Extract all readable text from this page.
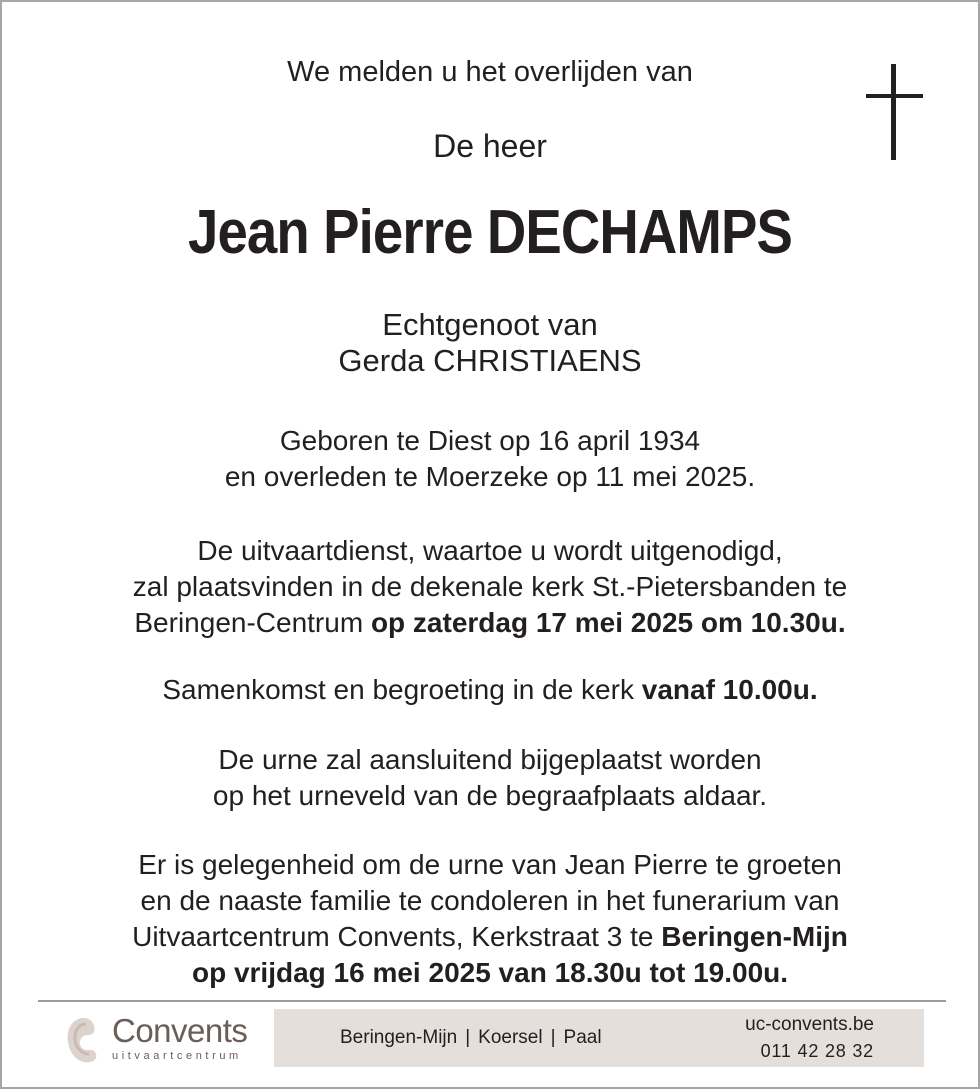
We melden u het overlijden van
De heer
Jean Pierre DECHAMPS
Echtgenoot van
Gerda CHRISTIAENS
Geboren te Diest op 16 april 1934
en overleden te Moerzeke op 11 mei 2025.
De uitvaartdienst, waartoe u wordt uitgenodigd,
zal plaatsvinden in de dekenale kerk St.-Pietersbanden te
Beringen-Centrum op zaterdag 17 mei 2025 om 10.30u.
Samenkomst en begroeting in de kerk vanaf 10.00u.
De urne zal aansluitend bijgeplaatst worden
op het urneveld van de begraafplaats aldaar.
Er is gelegenheid om de urne van Jean Pierre te groeten
en de naaste familie te condoleren in het funerarium van
Uitvaartcentrum Convents, Kerkstraat 3 te Beringen-Mijn
op vrijdag 16 mei 2025 van 18.30u tot 19.00u.
Convents
uitvaartcentrum
Beringen-Mijn | Koersel | Paal
uc-convents.be
011 42 28 32
